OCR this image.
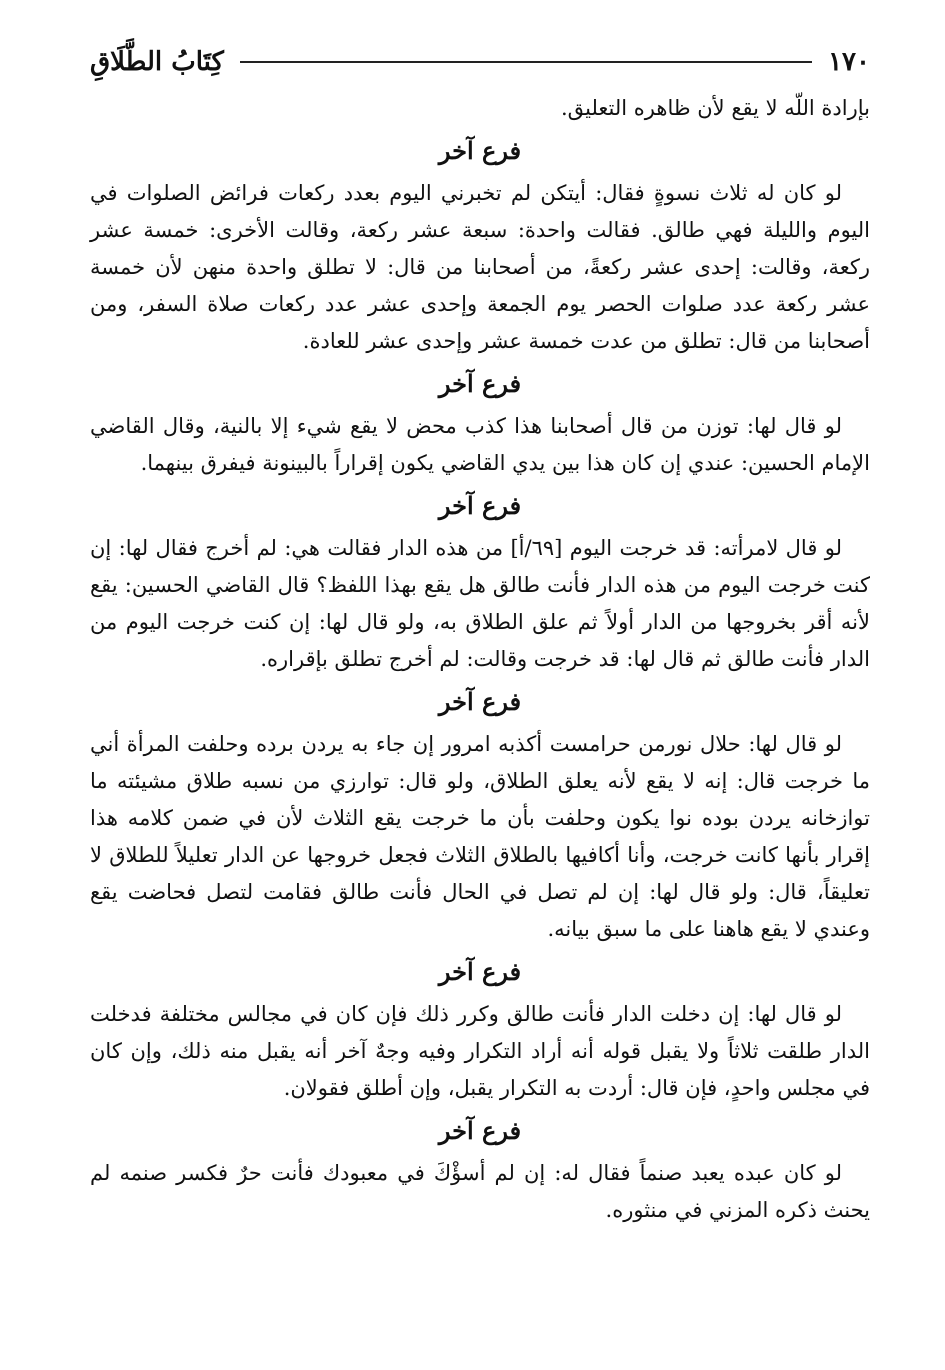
١٧٠
كِتَابُ الطَّلَاقِ

بإرادة اللّه لا يقع لأن ظاهره التعليق.

فرع آخر

لو كان له ثلاث نسوةٍ فقال: أيتكن لم تخبرني اليوم بعدد ركعات فرائض الصلوات في اليوم والليلة فهي طالق. فقالت واحدة: سبعة عشر ركعة، وقالت الأخرى: خمسة عشر ركعة، وقالت: إحدى عشر ركعةً، من أصحابنا من قال: لا تطلق واحدة منهن لأن خمسة عشر ركعة عدد صلوات الحصر يوم الجمعة وإحدى عشر عدد ركعات صلاة السفر، ومن أصحابنا من قال: تطلق من عدت خمسة عشر وإحدى عشر للعادة.

فرع آخر

لو قال لها: توزن من قال أصحابنا هذا كذب محض لا يقع شيء إلا بالنية، وقال القاضي الإمام الحسين: عندي إن كان هذا بين يدي القاضي يكون إقراراً بالبينونة فيفرق بينهما.

فرع آخر

لو قال لامرأته: قد خرجت اليوم [٦٩/أ] من هذه الدار فقالت هي: لم أخرج فقال لها: إن كنت خرجت اليوم من هذه الدار فأنت طالق هل يقع بهذا اللفظ؟ قال القاضي الحسين: يقع لأنه أقر بخروجها من الدار أولاً ثم علق الطلاق به، ولو قال لها: إن كنت خرجت اليوم من الدار فأنت طالق ثم قال لها: قد خرجت وقالت: لم أخرج تطلق بإقراره.

فرع آخر

لو قال لها: حلال نورمن حرامست أكذبه امرور إن جاء به يردن برده وحلفت المرأة أني ما خرجت قال: إنه لا يقع لأنه يعلق الطلاق، ولو قال: توارزي من نسبه طلاق مشيئته ما توازخانه يردن بوده نوا يكون وحلفت بأن ما خرجت يقع الثلاث لأن في ضمن كلامه هذا إقرار بأنها كانت خرجت، وأنا أكافيها بالطلاق الثلاث فجعل خروجها عن الدار تعليلاً للطلاق لا تعليقاً، قال: ولو قال لها: إن لم تصل في الحال فأنت طالق فقامت لتصل فحاضت يقع وعندي لا يقع هاهنا على ما سبق بيانه.

فرع آخر

لو قال لها: إن دخلت الدار فأنت طالق وكرر ذلك فإن كان في مجالس مختلفة فدخلت الدار طلقت ثلاثاً ولا يقبل قوله أنه أراد التكرار وفيه وجهٌ آخر أنه يقبل منه ذلك، وإن كان في مجلس واحدٍ، فإن قال: أردت به التكرار يقبل، وإن أطلق فقولان.

فرع آخر

لو كان عبده يعبد صنماً فقال له: إن لم أسؤْكَ في معبودك فأنت حرٌ فكسر صنمه لم يحنث ذكره المزني في منثوره.
